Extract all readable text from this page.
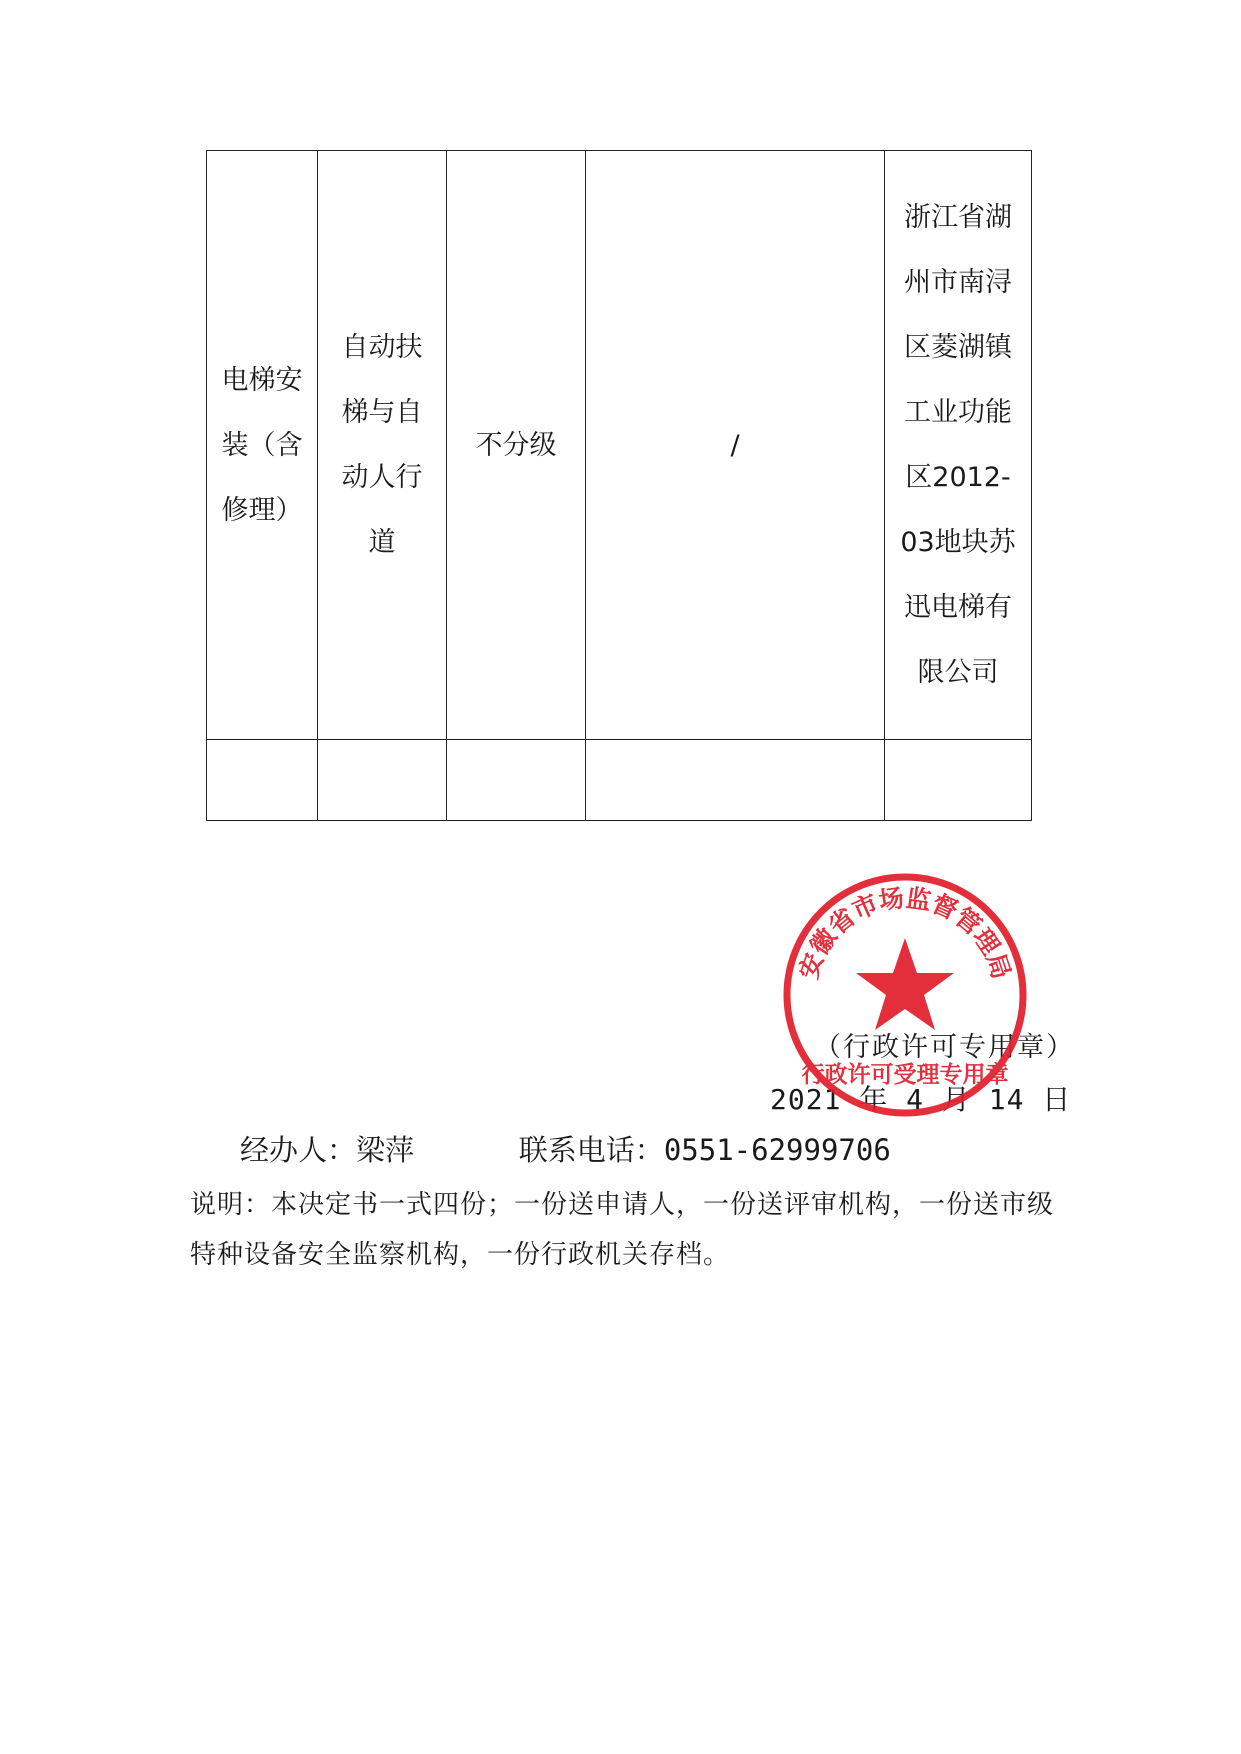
电梯安装（含修理）	自动扶梯与自动人行道	不分级	/	浙江省湖州市南浔区菱湖镇工业功能区2012-03地块苏迅电梯有限公司

（行政许可专用章）
2021 年 4 月 14 日
经办人：梁萍	联系电话：0551-62999706
说明：本决定书一式四份；一份送申请人，一份送评审机构，一份送市级特种设备安全监察机构，一份行政机关存档。
安徽省市场监督管理局
行政许可受理专用章
